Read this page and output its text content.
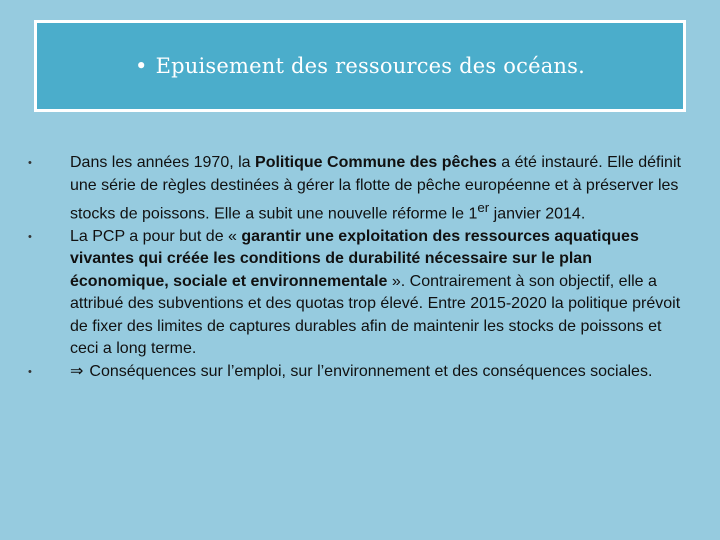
• Epuisement des ressources des océans.
•	Dans les années 1970, la Politique Commune des pêches a été instauré. Elle définit une série de règles destinées à gérer la flotte de pêche européenne et à préserver les stocks de poissons. Elle a subit une nouvelle réforme le 1er janvier 2014.
•	La PCP a pour but de « garantir une exploitation des ressources aquatiques vivantes qui créée les conditions de durabilité nécessaire sur le plan économique, sociale et environnementale ». Contrairement à son objectif, elle a attribué des subventions et des quotas trop élevé. Entre 2015-2020 la politique prévoit de fixer des limites de captures durables afin de maintenir les stocks de poissons et ceci a long terme.
•	⇒ Conséquences sur l’emploi, sur l’environnement et des conséquences sociales.
